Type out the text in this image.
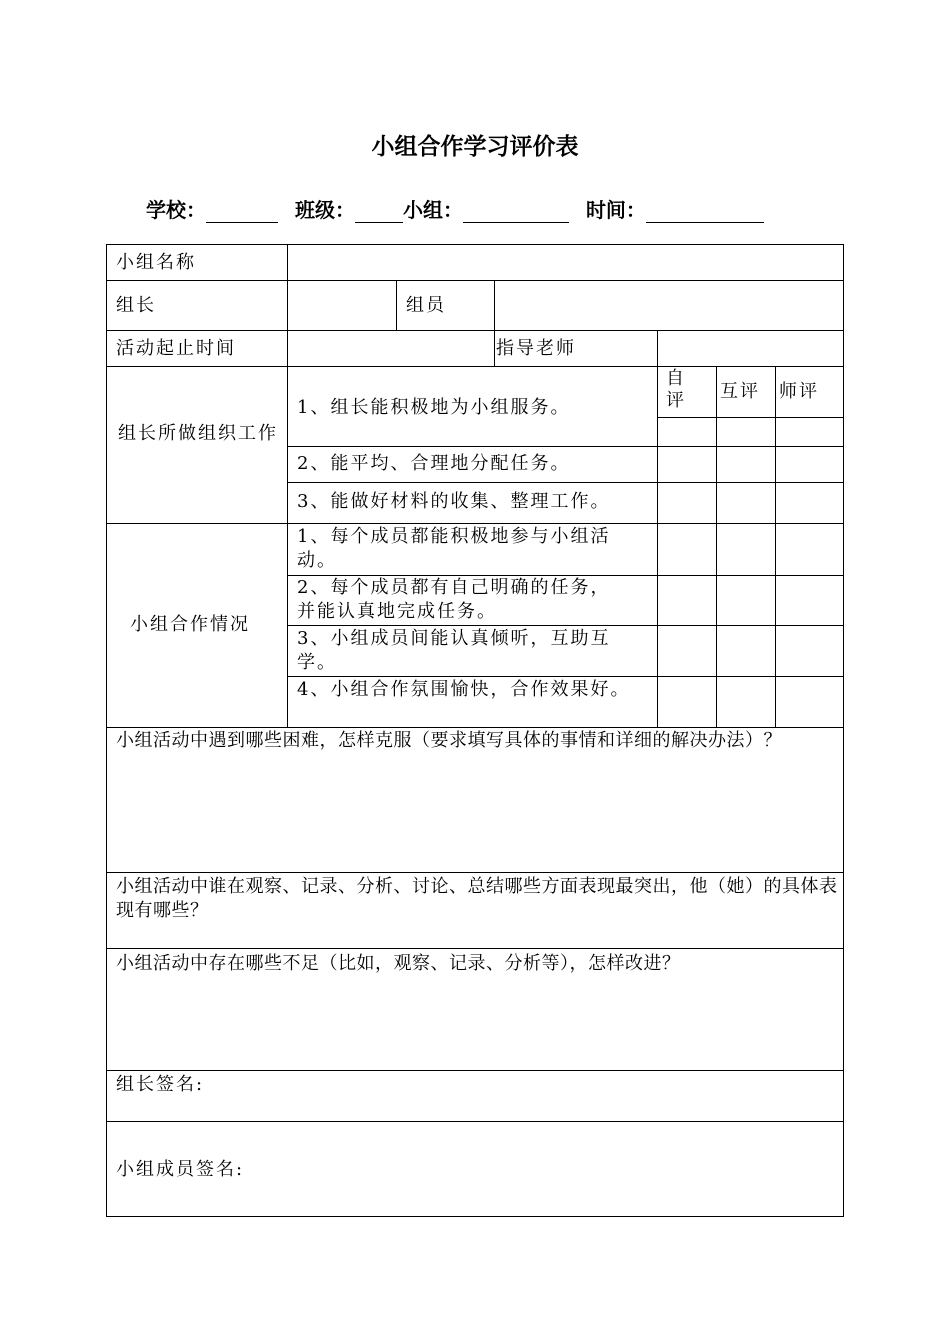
小组合作学习评价表
学校：	班级： 小组：	时间：
小组名称
组长	组员
活动起止时间	指导老师
自评 互评 师评
组长所做组织工作
1、组长能积极地为小组服务。
2、能平均、合理地分配任务。
3、能做好材料的收集、整理工作。
小组合作情况
1、每个成员都能积极地参与小组活动。
2、每个成员都有自己明确的任务，并能认真地完成任务。
3、小组成员间能认真倾听，互助互学。
4、小组合作氛围愉快，合作效果好。
小组活动中遇到哪些困难，怎样克服（要求填写具体的事情和详细的解决办法）？
小组活动中谁在观察、记录、分析、讨论、总结哪些方面表现最突出，他（她）的具体表现有哪些？
小组活动中存在哪些不足（比如，观察、记录、分析等），怎样改进？
组长签名:
小组成员签名:
